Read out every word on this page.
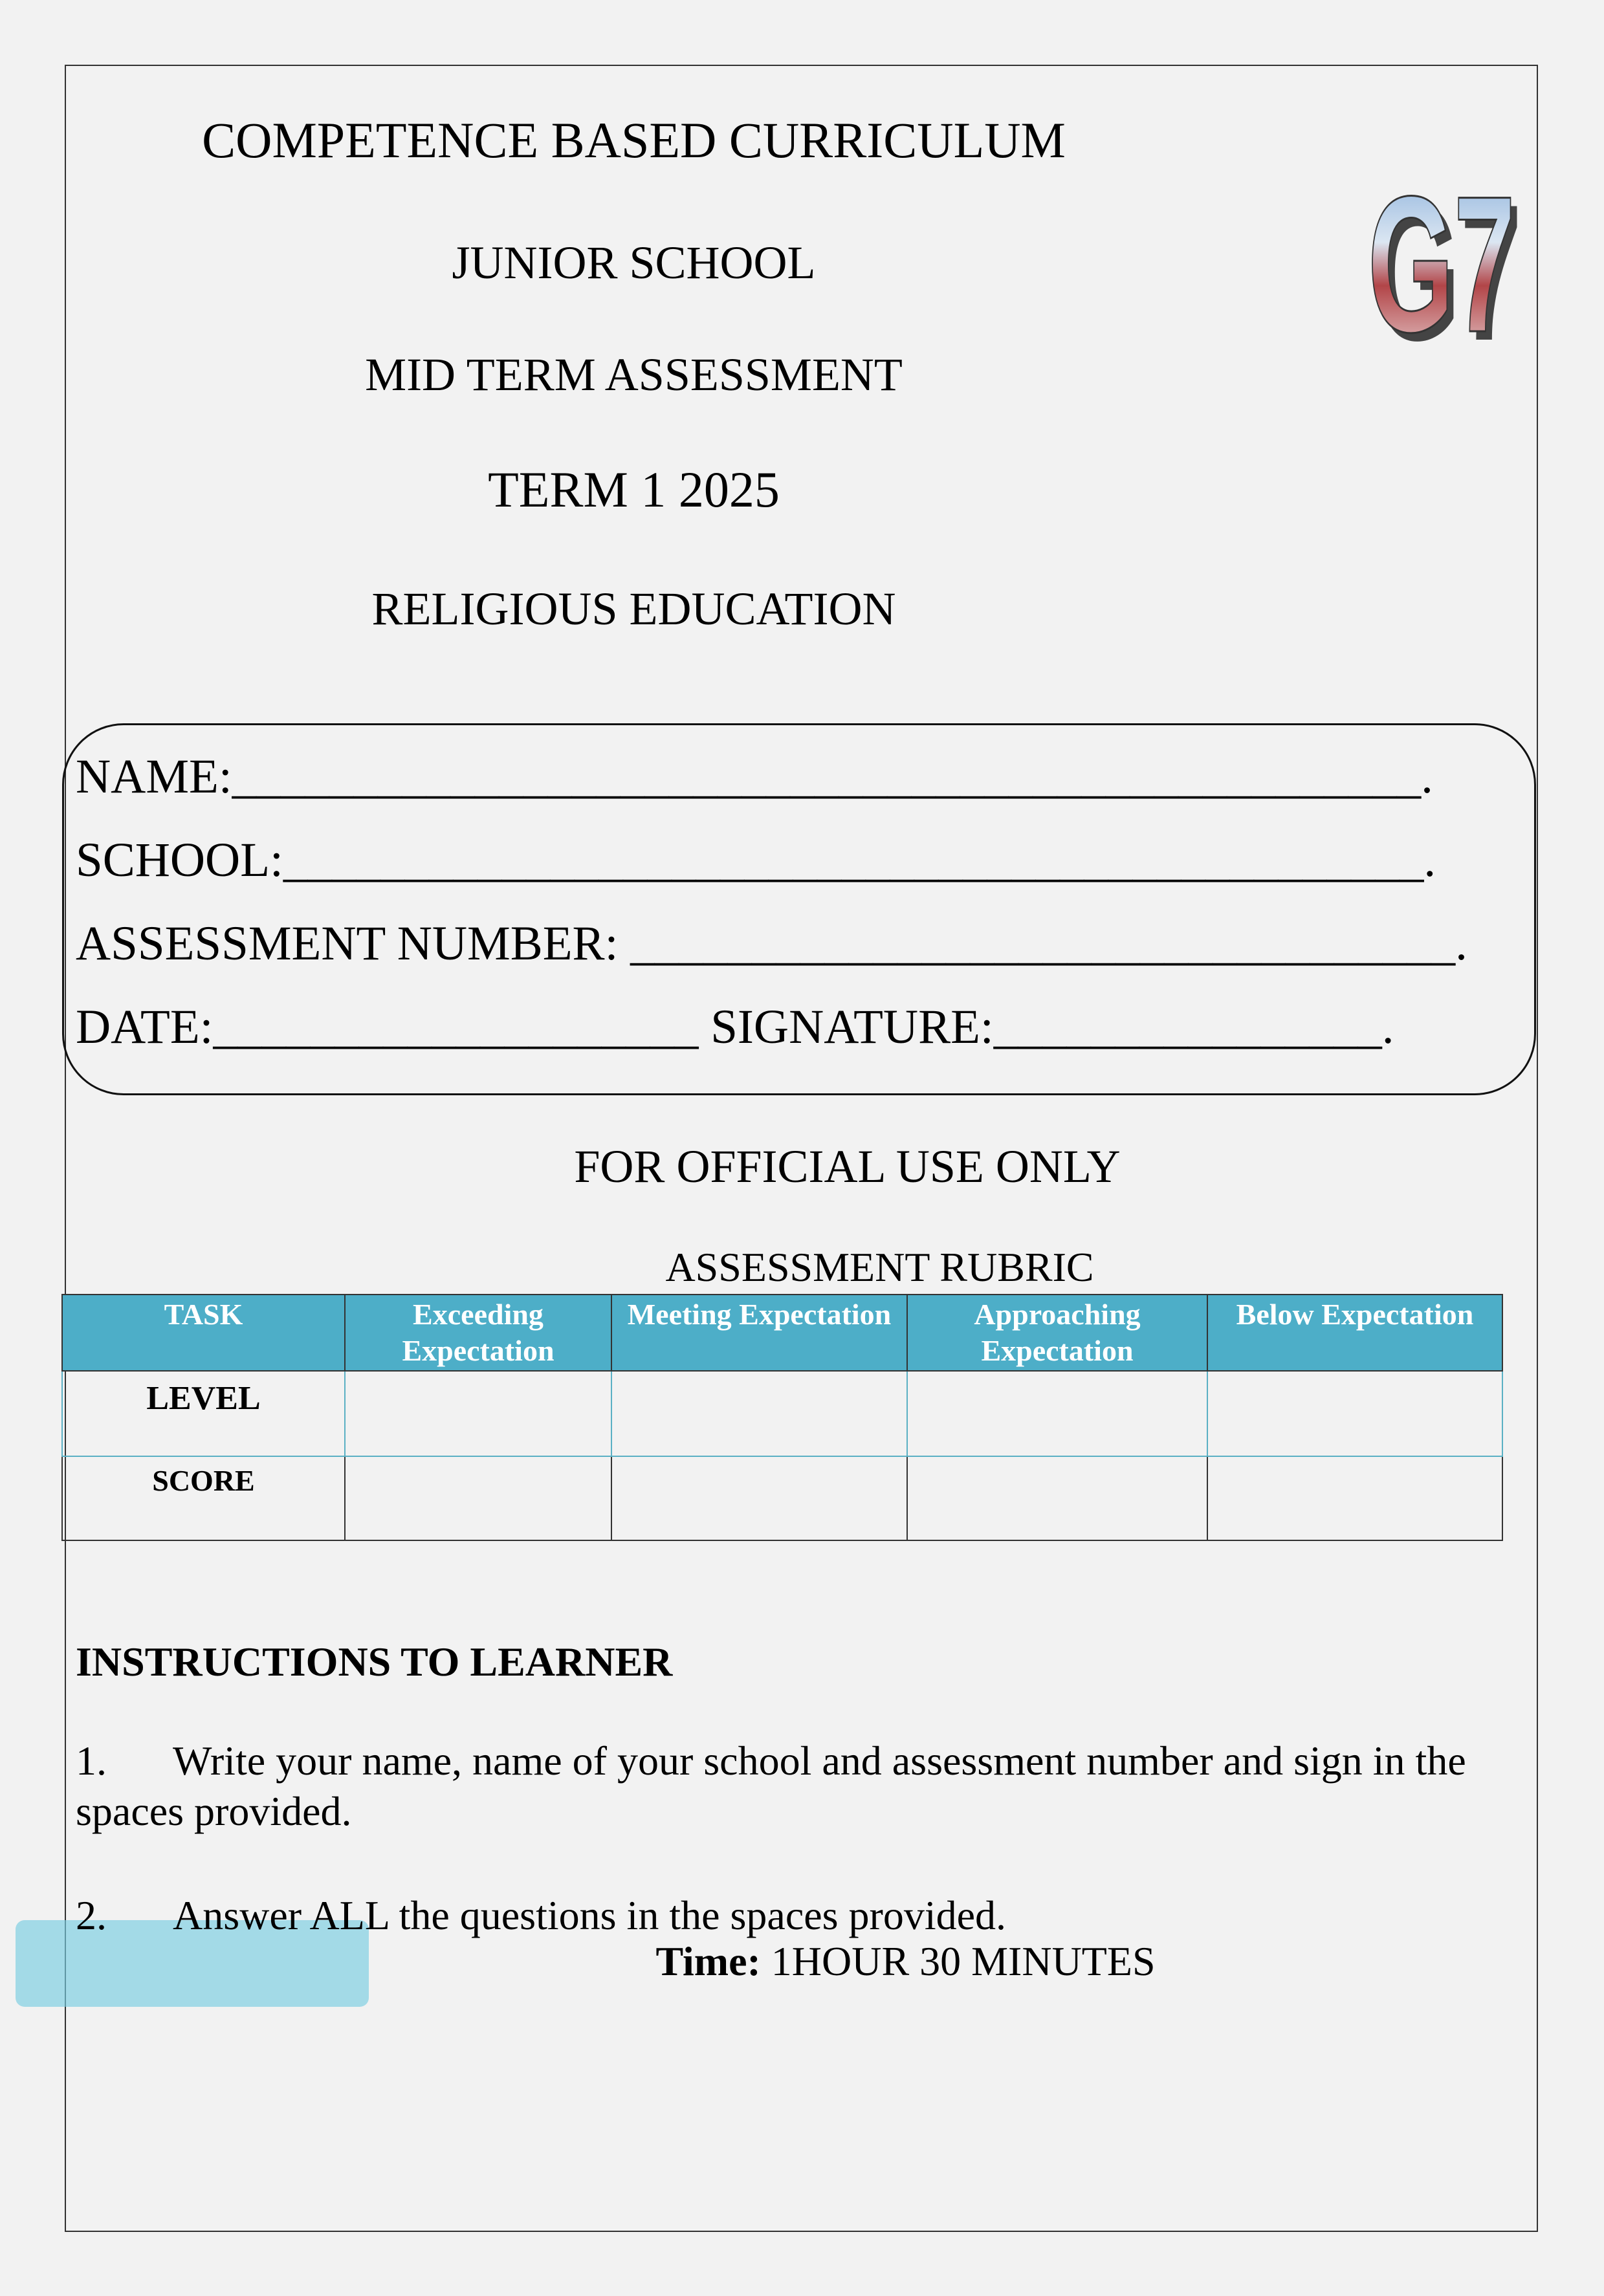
COMPETENCE BASED CURRICULUM
JUNIOR SCHOOL
MID TERM ASSESSMENT
TERM 1 2025
RELIGIOUS EDUCATION
G7
G7
NAME:_________________________________________________.
SCHOOL:_______________________________________________.
ASSESSMENT NUMBER: __________________________________.
DATE:____________________ SIGNATURE:________________.
FOR OFFICIAL USE ONLY
ASSESSMENT RUBRIC
TASK	Exceeding Expectation	Meeting Expectation	Approaching Expectation	Below Expectation
LEVEL				
SCORE				
INSTRUCTIONS TO LEARNER
1. Write your name, name of your school and assessment number and sign in the spaces provided.
2. Answer ALL the questions in the spaces provided.
Time: 1HOUR 30 MINUTES
